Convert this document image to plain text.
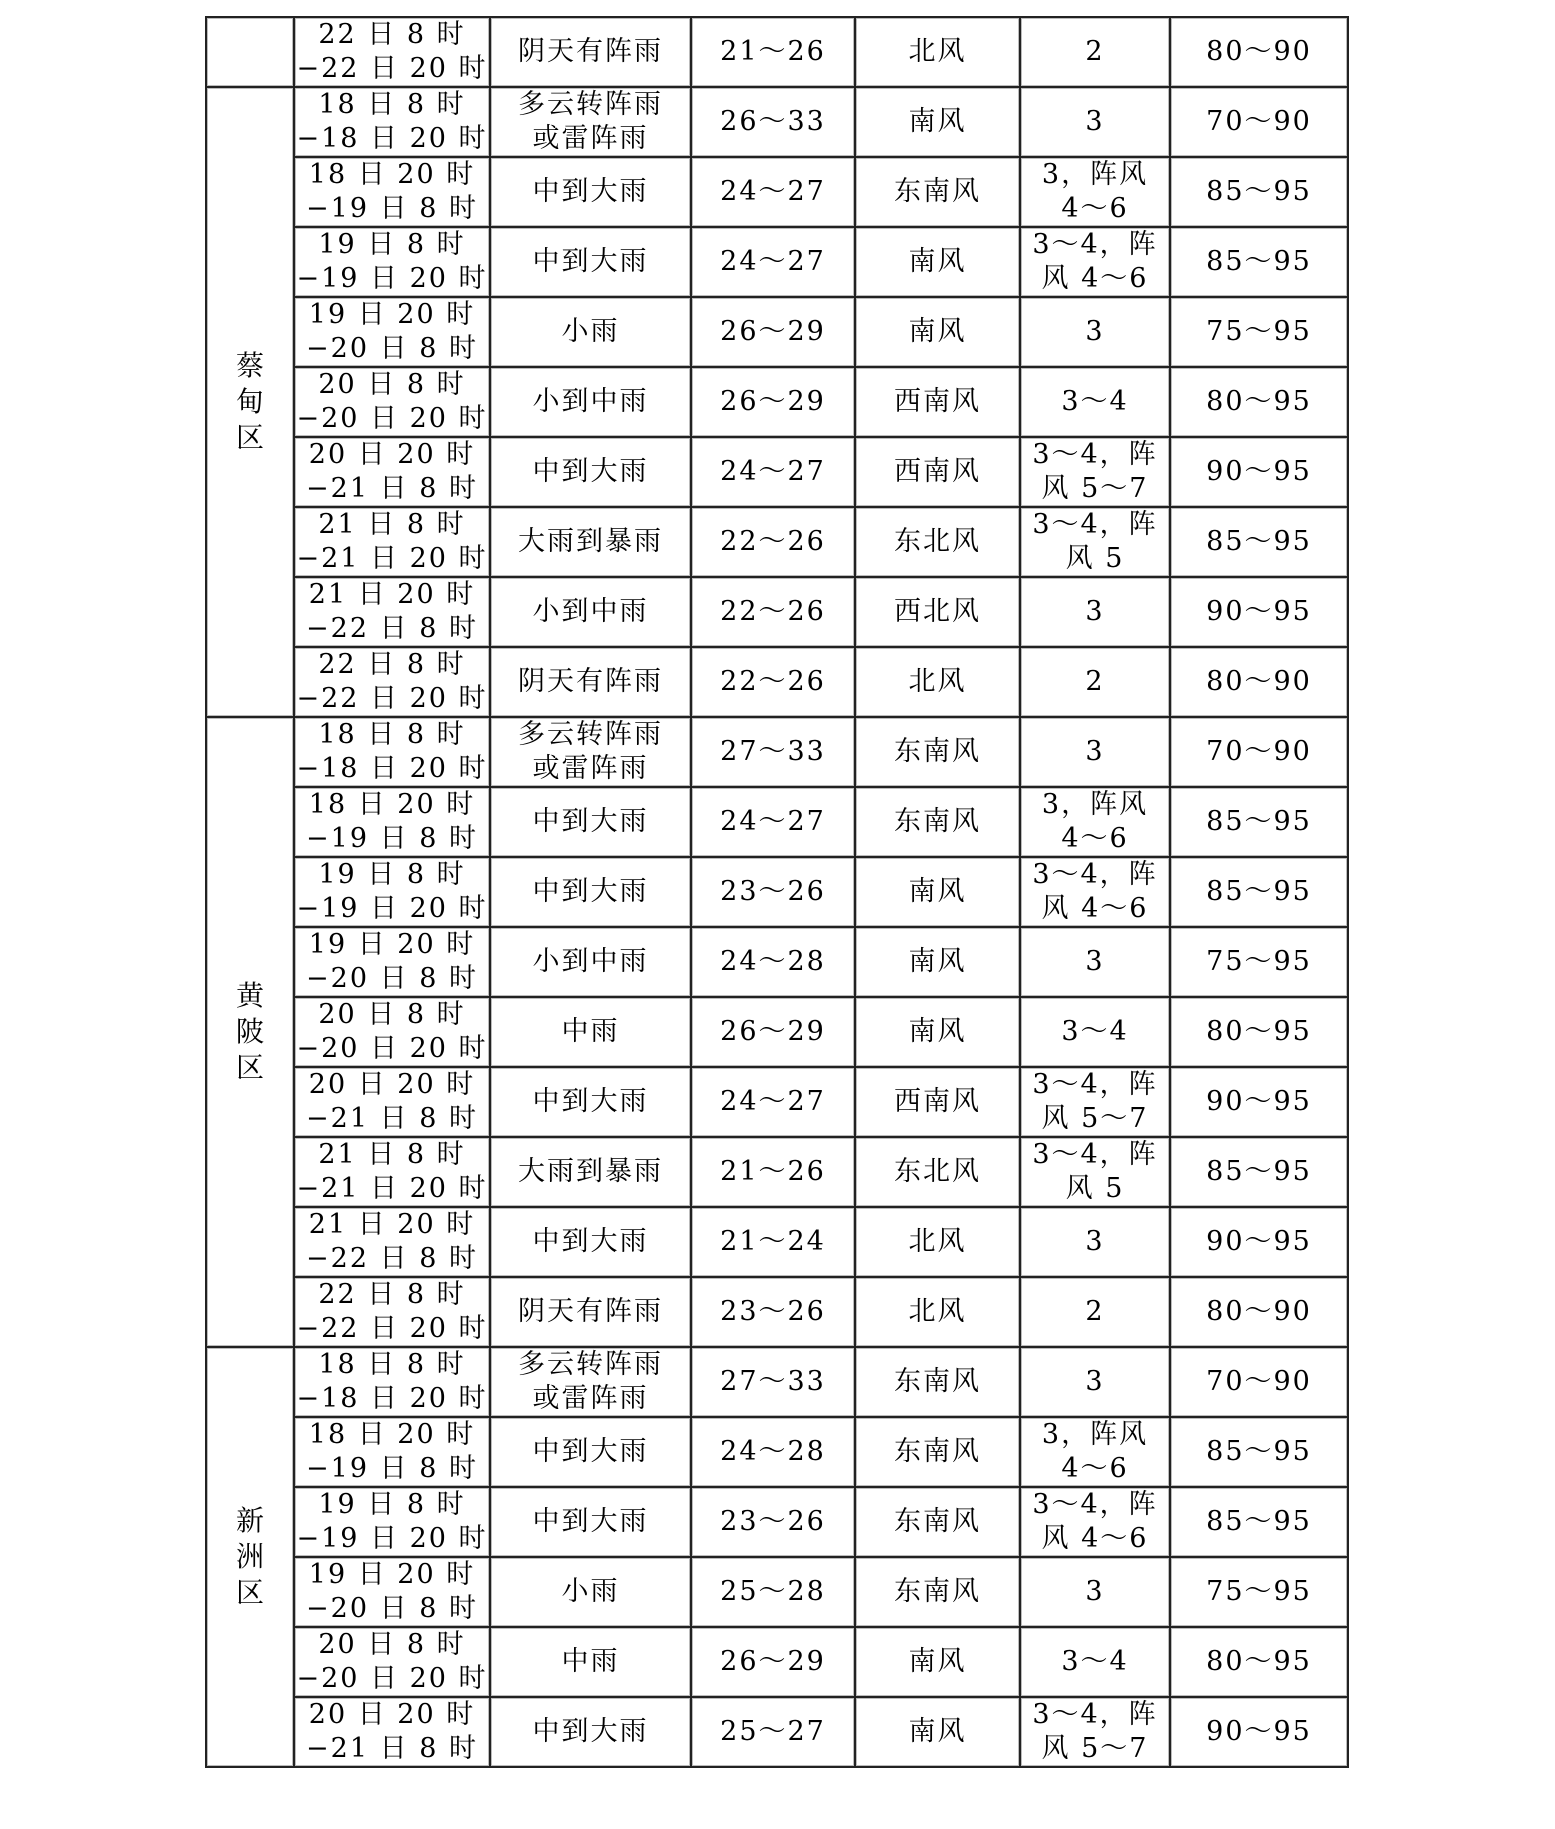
	22 日 8 时
−22 日 20 时	阴天有阵雨	21～26	北风	2	80～90
蔡甸区	18 日 8 时
−18 日 20 时	多云转阵雨
或雷阵雨	26～33	南风	3	70～90

	18 日 20 时
−19 日 8 时	中到大雨	24～27	东南风	3，阵风
4～6	85～95

	19 日 8 时
−19 日 20 时	中到大雨	24～27	南风	3～4，阵
风 4～6	85～95

	19 日 20 时
−20 日 8 时	小雨	26～29	南风	3	75～95

	20 日 8 时
−20 日 20 时	小到中雨	26～29	西南风	3～4	80～95

	20 日 20 时
−21 日 8 时	中到大雨	24～27	西南风	3～4，阵
风 5～7	90～95

	21 日 8 时
−21 日 20 时	大雨到暴雨	22～26	东北风	3～4，阵
风 5	85～95

	21 日 20 时
−22 日 8 时	小到中雨	22～26	西北风	3	90～95

	22 日 8 时
−22 日 20 时	阴天有阵雨	22～26	北风	2	80～90
黄陂区	18 日 8 时
−18 日 20 时	多云转阵雨
或雷阵雨	27～33	东南风	3	70～90

	18 日 20 时
−19 日 8 时	中到大雨	24～27	东南风	3，阵风
4～6	85～95

	19 日 8 时
−19 日 20 时	中到大雨	23～26	南风	3～4，阵
风 4～6	85～95

	19 日 20 时
−20 日 8 时	小到中雨	24～28	南风	3	75～95

	20 日 8 时
−20 日 20 时	中雨	26～29	南风	3～4	80～95

	20 日 20 时
−21 日 8 时	中到大雨	24～27	西南风	3～4，阵
风 5～7	90～95

	21 日 8 时
−21 日 20 时	大雨到暴雨	21～26	东北风	3～4，阵
风 5	85～95

	21 日 20 时
−22 日 8 时	中到大雨	21～24	北风	3	90～95

	22 日 8 时
−22 日 20 时	阴天有阵雨	23～26	北风	2	80～90
新洲区	18 日 8 时
−18 日 20 时	多云转阵雨
或雷阵雨	27～33	东南风	3	70～90

	18 日 20 时
−19 日 8 时	中到大雨	24～28	东南风	3，阵风
4～6	85～95

	19 日 8 时
−19 日 20 时	中到大雨	23～26	东南风	3～4，阵
风 4～6	85～95

	19 日 20 时
−20 日 8 时	小雨	25～28	东南风	3	75～95

	20 日 8 时
−20 日 20 时	中雨	26～29	南风	3～4	80～95

	20 日 20 时
−21 日 8 时	中到大雨	25～27	南风	3～4，阵
风 5～7	90～95
